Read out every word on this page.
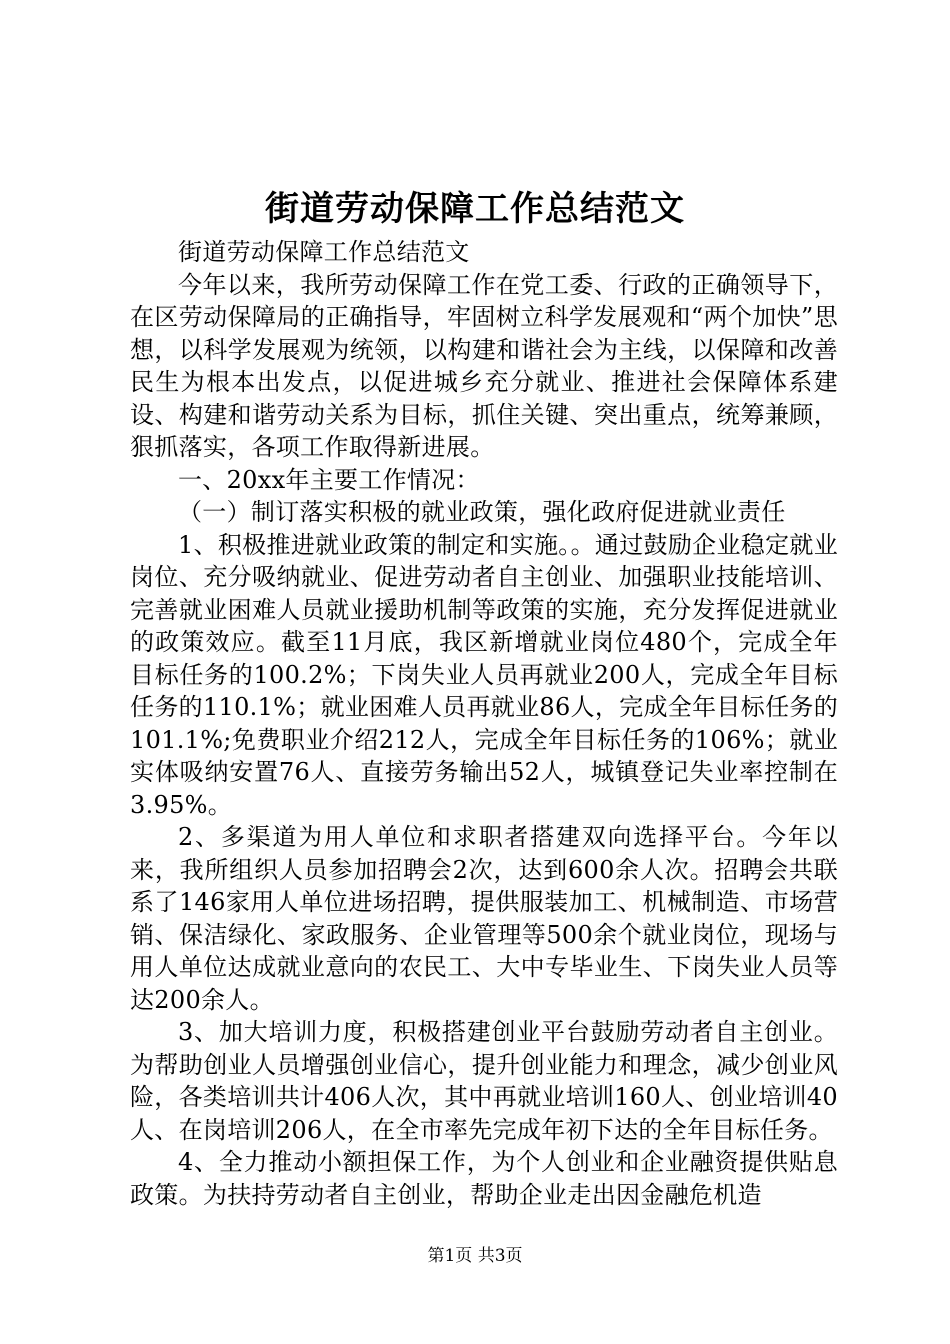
街道劳动保障工作总结范文

街道劳动保障工作总结范文

今年以来，我所劳动保障工作在党工委、行政的正确领导下，在区劳动保障局的正确指导，牢固树立科学发展观和“两个加快”思想，以科学发展观为统领，以构建和谐社会为主线，以保障和改善民生为根本出发点，以促进城乡充分就业、推进社会保障体系建设、构建和谐劳动关系为目标，抓住关键、突出重点，统筹兼顾，狠抓落实，各项工作取得新进展。

一、20xx年主要工作情况：

（一）制订落实积极的就业政策，强化政府促进就业责任

1、积极推进就业政策的制定和实施。。通过鼓励企业稳定就业岗位、充分吸纳就业、促进劳动者自主创业、加强职业技能培训、完善就业困难人员就业援助机制等政策的实施，充分发挥促进就业的政策效应。截至11月底，我区新增就业岗位480个，完成全年目标任务的100.2%；下岗失业人员再就业200人，完成全年目标任务的110.1%；就业困难人员再就业86人，完成全年目标任务的101.1%;免费职业介绍212人，完成全年目标任务的106%；就业实体吸纳安置76人、直接劳务输出52人，城镇登记失业率控制在3.95%。

2、多渠道为用人单位和求职者搭建双向选择平台。今年以来，我所组织人员参加招聘会2次，达到600余人次。招聘会共联系了146家用人单位进场招聘，提供服装加工、机械制造、市场营销、保洁绿化、家政服务、企业管理等500余个就业岗位，现场与用人单位达成就业意向的农民工、大中专毕业生、下岗失业人员等达200余人。

3、加大培训力度，积极搭建创业平台鼓励劳动者自主创业。为帮助创业人员增强创业信心，提升创业能力和理念，减少创业风险，各类培训共计406人次，其中再就业培训160人、创业培训40人、在岗培训206人，在全市率先完成年初下达的全年目标任务。

4、全力推动小额担保工作，为个人创业和企业融资提供贴息政策。为扶持劳动者自主创业，帮助企业走出因金融危机造

第1页 共3页
